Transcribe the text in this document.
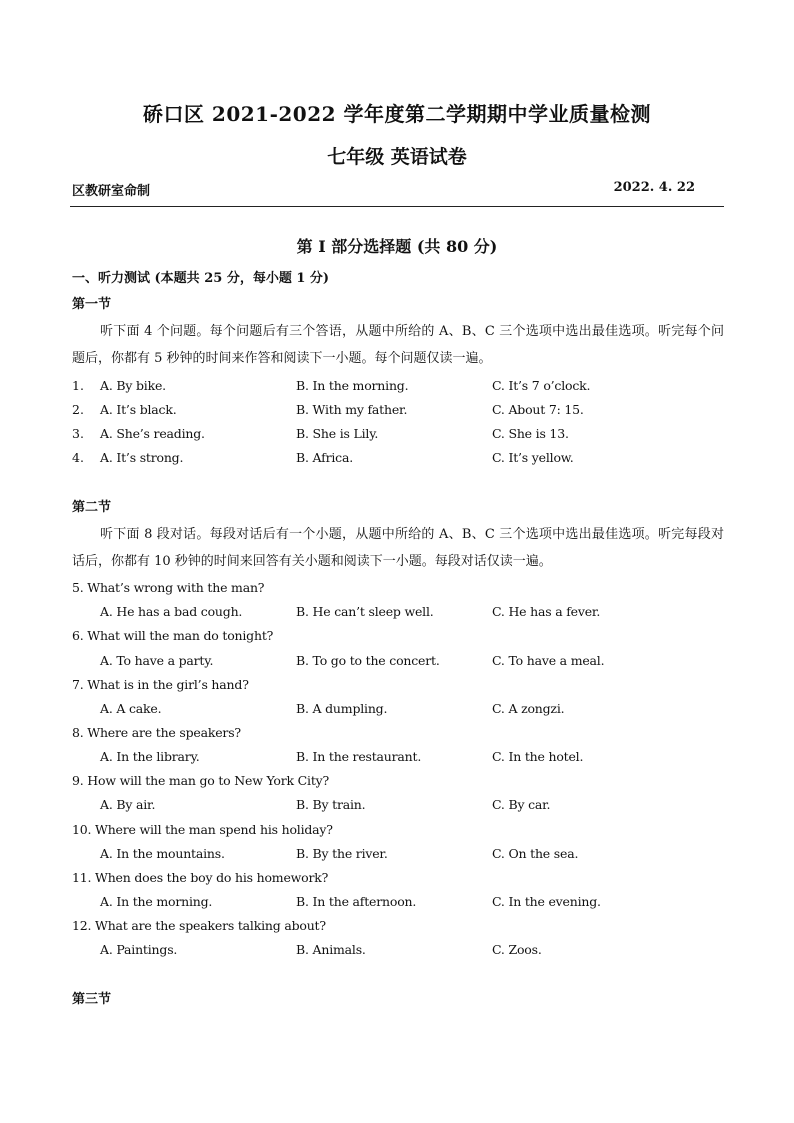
硚口区 2021-2022 学年度第二学期期中学业质量检测
七年级 英语试卷
区教研室命制	2022. 4. 22
第 I 部分选择题 (共 80 分)
一、听力测试 (本题共 25 分，每小题 1 分)
第一节
听下面 4 个问题。每个问题后有三个答语，从题中所给的 A、B、C 三个选项中选出最佳选项。听完每个问题后，你都有 5 秒钟的时间来作答和阅读下一小题。每个问题仅读一遍。
1. A. By bike.	B. In the morning.	C. It’s 7 o’clock.
2. A. It’s black.	B. With my father.	C. About 7: 15.
3. A. She’s reading.	B. She is Lily.	C. She is 13.
4. A. It’s strong.	B. Africa.	C. It’s yellow.
第二节
听下面 8 段对话。每段对话后有一个小题，从题中所给的 A、B、C 三个选项中选出最佳选项。听完每段对话后，你都有 10 秒钟的时间来回答有关小题和阅读下一小题。每段对话仅读一遍。
5. What’s wrong with the man?
A. He has a bad cough.	B. He can’t sleep well.	C. He has a fever.
6. What will the man do tonight?
A. To have a party.	B. To go to the concert.	C. To have a meal.
7. What is in the girl’s hand?
A. A cake.	B. A dumpling.	C. A zongzi.
8. Where are the speakers?
A. In the library.	B. In the restaurant.	C. In the hotel.
9. How will the man go to New York City?
A. By air.	B. By train.	C. By car.
10. Where will the man spend his holiday?
A. In the mountains.	B. By the river.	C. On the sea.
11. When does the boy do his homework?
A. In the morning.	B. In the afternoon.	C. In the evening.
12. What are the speakers talking about?
A. Paintings.	B. Animals.	C. Zoos.
第三节
